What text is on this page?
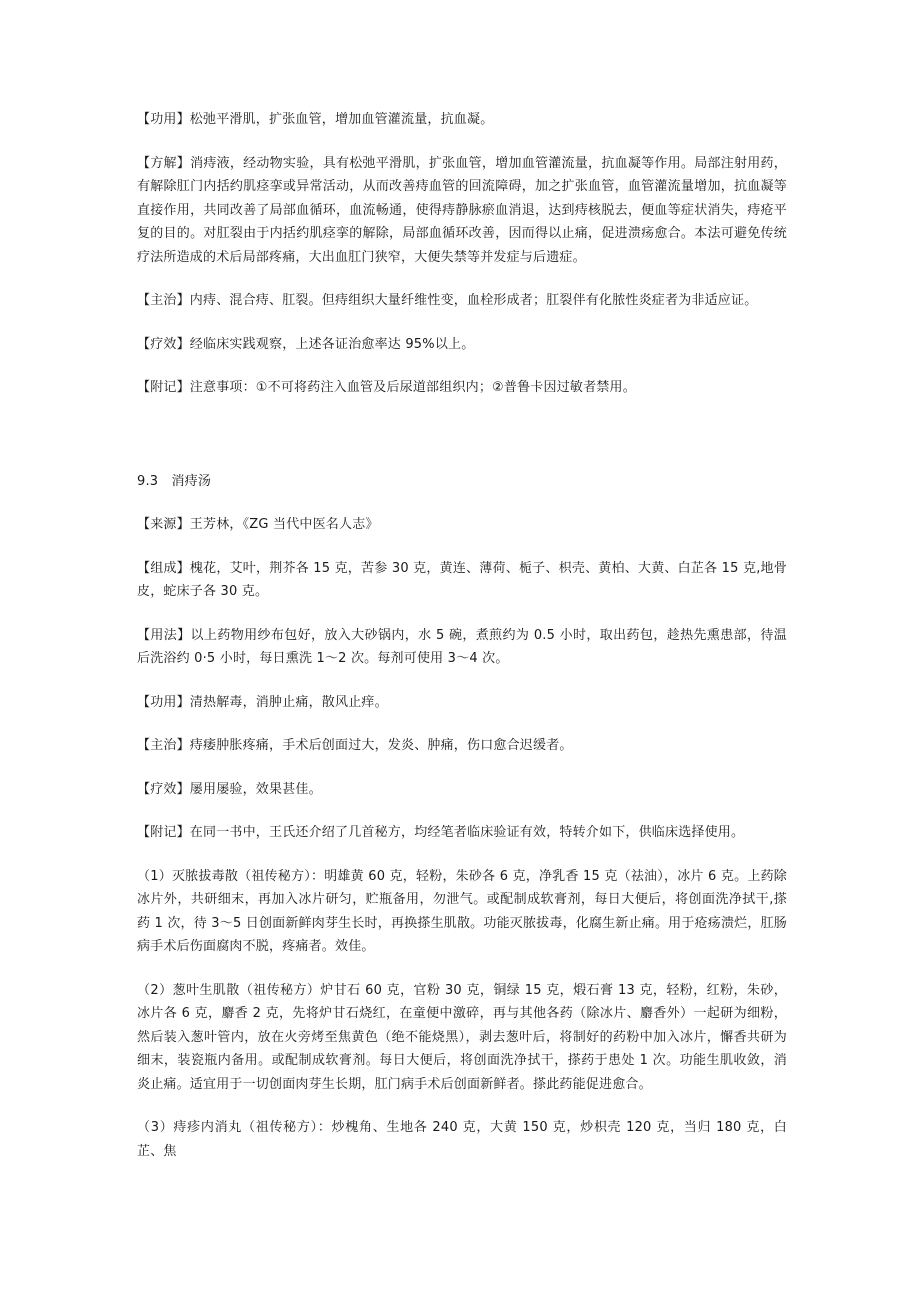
【功用】松弛平滑肌，扩张血管，增加血管灌流量，抗血凝。

【方解】消痔液，经动物实验，具有松弛平滑肌，扩张血管，增加血管灌流量，抗血凝等作用。局部注射用药，有解除肛门内括约肌痉挛或异常活动，从而改善痔血管的回流障碍，加之扩张血管，血管灌流量增加，抗血凝等直接作用，共同改善了局部血循环，血流畅通，使得痔静脉瘀血消退，达到痔核脱去，便血等症状消失，痔疮平复的目的。对肛裂由于内括约肌痉挛的解除，局部血循环改善，因而得以止痛，促进溃疡愈合。本法可避免传统疗法所造成的术后局部疼痛，大出血肛门狭窄，大便失禁等并发症与后遗症。

【主治】内痔、混合痔、肛裂。但痔组织大量纤维性变，血栓形成者；肛裂伴有化脓性炎症者为非适应证。

【疗效】经临床实践观察，上述各证治愈率达 95%以上。

【附记】注意事项：①不可将药注入血管及后尿道部组织内；②普鲁卡因过敏者禁用。

9.3　消痔汤

【来源】王芳林，《ZG 当代中医名人志》

【组成】槐花，艾叶，荆芥各 15 克，苦参 30 克，黄连、薄荷、栀子、枳壳、黄柏、大黄、白芷各 15 克,地骨皮，蛇床子各 30 克。

【用法】以上药物用纱布包好，放入大砂锅内，水 5 碗，煮煎约为 0.5 小时，取出药包，趁热先熏患部，待温后洗浴约 0·5 小时，每日熏洗 1～2 次。每剂可使用 3～4 次。

【功用】清热解毒，消肿止痛，散风止痒。

【主治】痔痿肿胀疼痛，手术后创面过大，发炎、肿痛，伤口愈合迟缓者。

【疗效】屡用屡验，效果甚佳。

【附记】在同一书中，王氏还介绍了几首秘方，均经笔者临床验证有效，特转介如下，供临床选择使用。

（1）灭脓拔毒散（祖传秘方）：明雄黄 60 克，轻粉，朱砂各 6 克，净乳香 15 克（祛油），冰片 6 克。上药除冰片外，共研细末，再加入冰片研匀，贮瓶备用，勿泄气。或配制成软膏剂，每日大便后，将创面洗净拭干,搽药 1 次，待 3～5 日创面新鲜肉芽生长时，再换搽生肌散。功能灭脓拔毒，化腐生新止痛。用于疮疡溃烂，肛肠病手术后伤面腐肉不脱，疼痛者。效佳。

（2）葱叶生肌散（祖传秘方）炉甘石 60 克，官粉 30 克，铜绿 15 克，煅石膏 13 克，轻粉，红粉，朱砂，冰片各 6 克，麝香 2 克，先将炉甘石烧红，在童便中激碎，再与其他各药（除冰片、麝香外）一起研为细粉，然后装入葱叶管内，放在火旁烤至焦黄色（绝不能烧黑），剥去葱叶后，将制好的药粉中加入冰片，懈香共研为细末，装瓷瓶内备用。或配制成软膏剂。每日大便后，将创面洗净拭干，搽药于患处 1 次。功能生肌收敛，消炎止痛。适宜用于一切创面肉芽生长期，肛门病手术后创面新鲜者。搽此药能促进愈合。

（3）痔疹内消丸（祖传秘方）：炒槐角、生地各 240 克，大黄 150 克，炒枳壳 120 克，当归 180 克，白芷、焦
